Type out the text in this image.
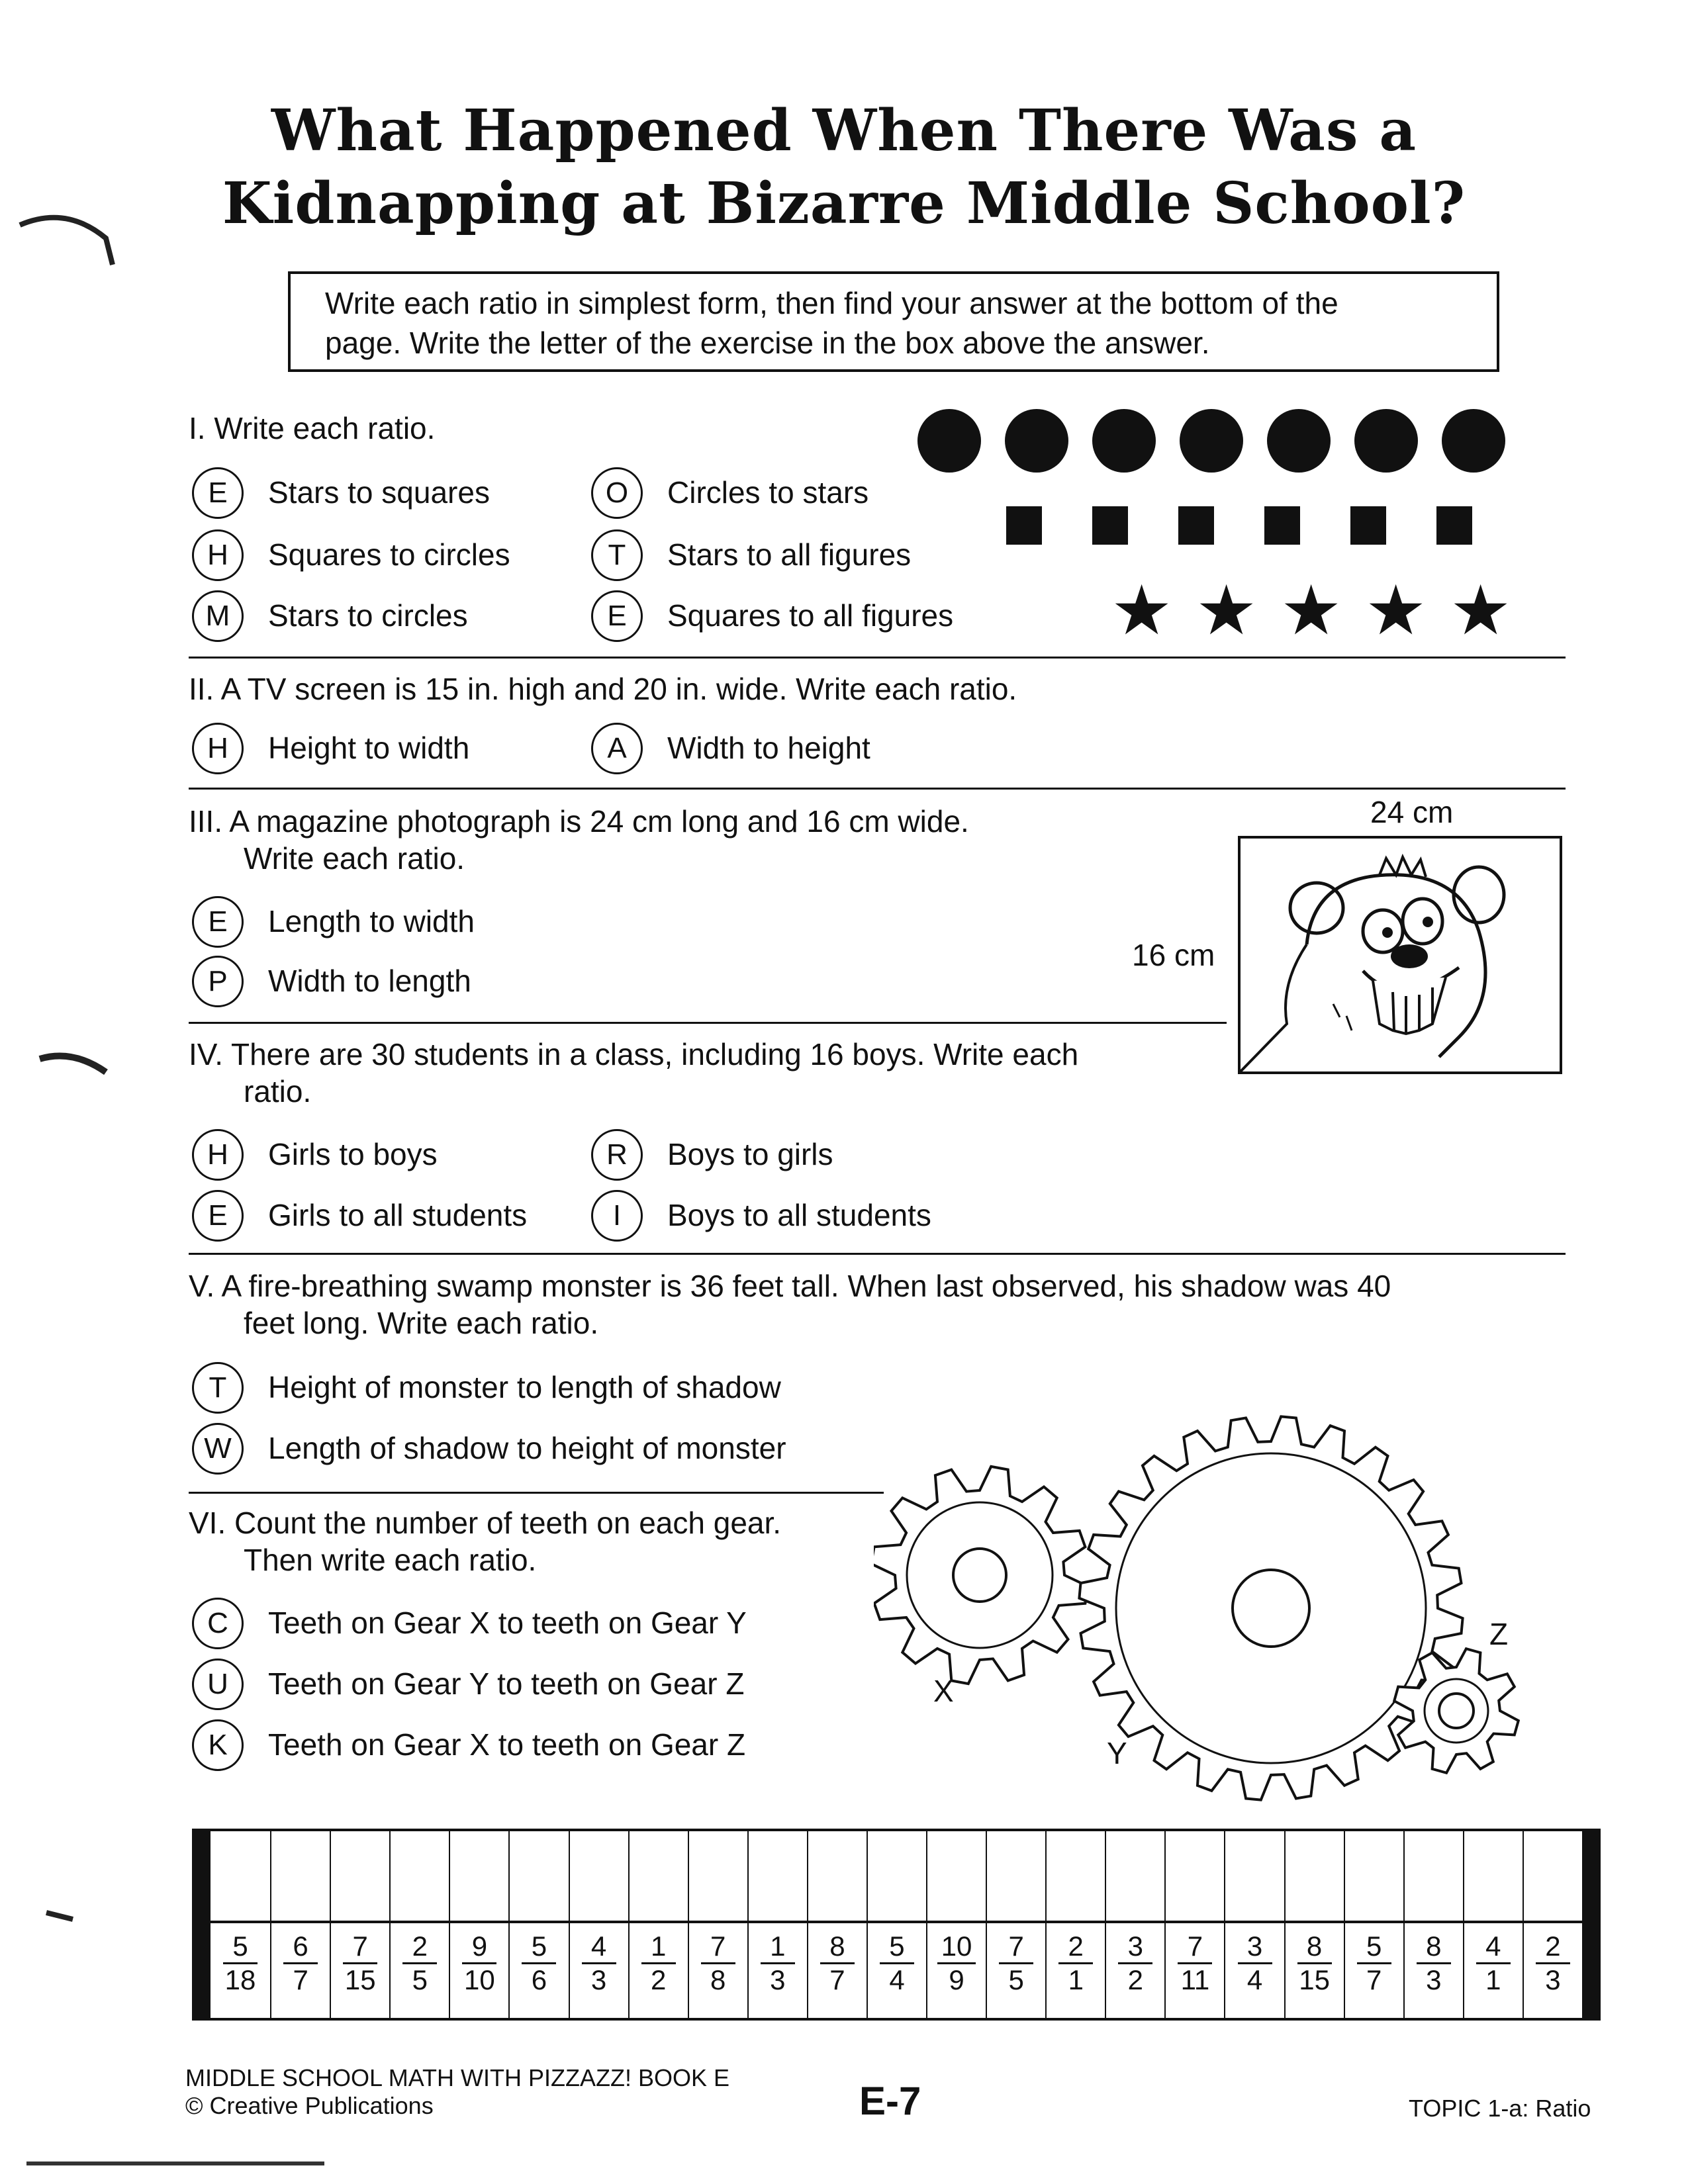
What Happened When There Was a
Kidnapping at Bizarre Middle School?
Write each ratio in simplest form, then find your answer at the bottom of the
page. Write the letter of the exercise in the box above the answer.
I. Write each ratio.
E	Stars to squares
H	Squares to circles
M	Stars to circles
O	Circles to stars
T	Stars to all figures
E	Squares to all figures ★ ★ ★ ★ ★
II. A TV screen is 15 in. high and 20 in. wide. Write each ratio.
H	Height to width	A	Width to height
III. A magazine photograph is 24 cm long and 16 cm wide.
Write each ratio.
E	Length to width
P	Width to length
24 cm
16 cm
IV. There are 30 students in a class, including 16 boys. Write each
ratio.
H	Girls to boys
E	Girls to all students
R	Boys to girls
I	Boys to all students
V. A fire-breathing swamp monster is 36 feet tall. When last observed, his shadow was 40
feet long. Write each ratio.
T	Height of monster to length of shadow
W	Length of shadow to height of monster
VI. Count the number of teeth on each gear.
Then write each ratio.
C	Teeth on Gear X to teeth on Gear Y
U	Teeth on Gear Y to teeth on Gear Z
K	Teeth on Gear X to teeth on Gear Z
X
Y
Z
$\frac{5}{18} \frac{6}{7} \frac{7}{15} \frac{2}{5} \frac{9}{10} \frac{5}{6} \frac{4}{3} \frac{1}{2} \frac{7}{8} \frac{1}{3} \frac{8}{7} \frac{5}{4} \frac{10}{9} \frac{7}{5} \frac{2}{1} \frac{3}{2} \frac{7}{11} \frac{3}{4} \frac{8}{15} \frac{5}{7} \frac{8}{3} \frac{4}{1} \frac{2}{3}$
MIDDLE SCHOOL MATH WITH PIZZAZZ! BOOK E
© Creative Publications	E-7	TOPIC 1-a: Ratio
